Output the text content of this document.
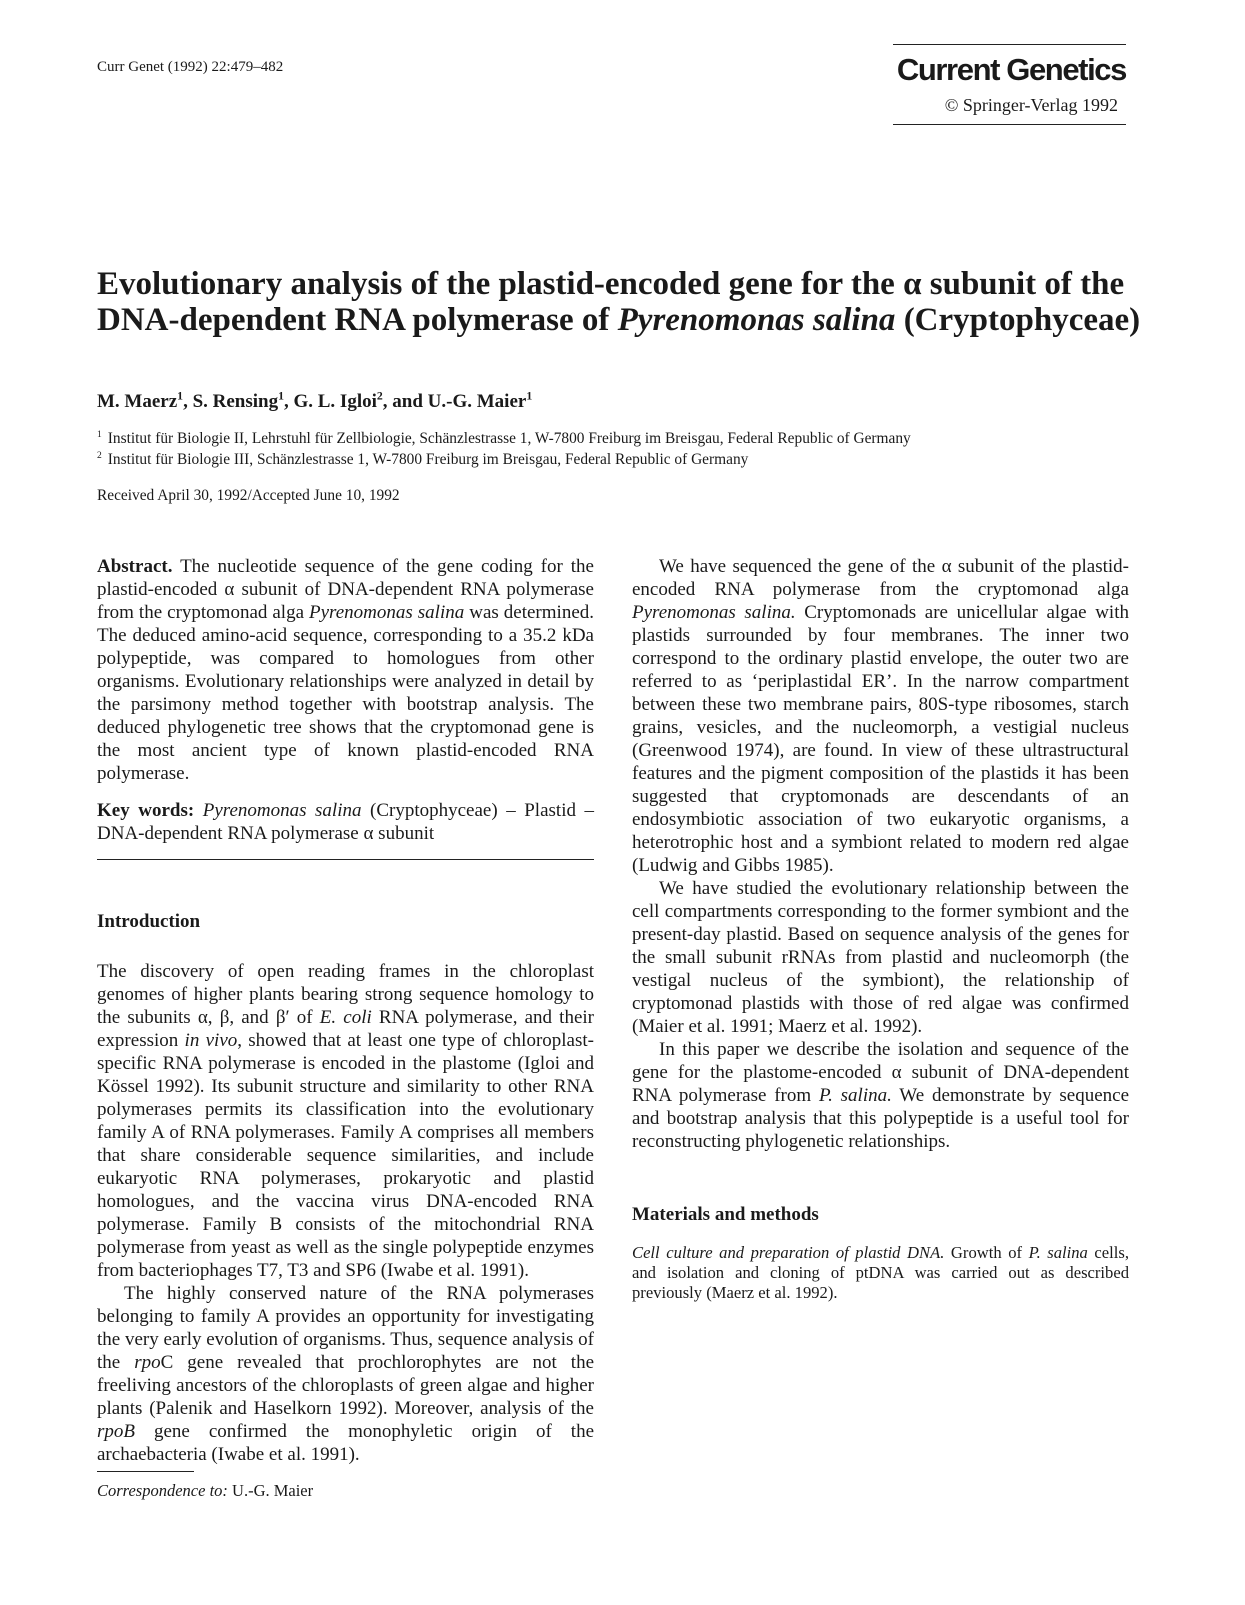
Curr Genet (1992) 22:479–482	Current Genetics
© Springer-Verlag 1992
Evolutionary analysis of the plastid-encoded gene for the α subunit of the DNA-dependent RNA polymerase of Pyrenomonas salina (Cryptophyceae)
M. Maerz$^1$, S. Rensing$^1$, G. L. Igloi$^2$, and U.-G. Maier$^1$
$^1$ Institut für Biologie II, Lehrstuhl für Zellbiologie, Schänzlestrasse 1, W-7800 Freiburg im Breisgau, Federal Republic of Germany
$^2$ Institut für Biologie III, Schänzlestrasse 1, W-7800 Freiburg im Breisgau, Federal Republic of Germany
Received April 30, 1992/Accepted June 10, 1992

Abstract. The nucleotide sequence of the gene coding for the plastid-encoded α subunit of DNA-dependent RNA polymerase from the cryptomonad alga Pyrenomonas salina was determined. The deduced amino-acid sequence, corresponding to a 35.2 kDa polypeptide, was compared to homologues from other organisms. Evolutionary relationships were analyzed in detail by the parsimony method together with bootstrap analysis. The deduced phylogenetic tree shows that the cryptomonad gene is the most ancient type of known plastid-encoded RNA polymerase.

Key words: Pyrenomonas salina (Cryptophyceae) – Plastid – DNA-dependent RNA polymerase α subunit

Introduction

The discovery of open reading frames in the chloroplast genomes of higher plants bearing strong sequence homology to the subunits α, β, and β′ of E. coli RNA polymerase, and their expression in vivo, showed that at least one type of chloroplast-specific RNA polymerase is encoded in the plastome (Igloi and Kössel 1992). Its subunit structure and similarity to other RNA polymerases permits its classification into the evolutionary family A of RNA polymerases. Family A comprises all members that share considerable sequence similarities, and include eukaryotic RNA polymerases, prokaryotic and plastid homologues, and the vaccina virus DNA-encoded RNA polymerase. Family B consists of the mitochondrial RNA polymerase from yeast as well as the single polypeptide enzymes from bacteriophages T7, T3 and SP6 (Iwabe et al. 1991).

The highly conserved nature of the RNA polymerases belonging to family A provides an opportunity for investigating the very early evolution of organisms. Thus, sequence analysis of the rpoC gene revealed that prochlorophytes are not the freeliving ancestors of the chloroplasts of green algae and higher plants (Palenik and Haselkorn 1992). Moreover, analysis of the rpoB gene confirmed the monophyletic origin of the archaebacteria (Iwabe et al. 1991).

We have sequenced the gene of the α subunit of the plastid-encoded RNA polymerase from the cryptomonad alga Pyrenomonas salina. Cryptomonads are unicellular algae with plastids surrounded by four membranes. The inner two correspond to the ordinary plastid envelope, the outer two are referred to as ‘periplastidal ER’. In the narrow compartment between these two membrane pairs, 80S-type ribosomes, starch grains, vesicles, and the nucleomorph, a vestigial nucleus (Greenwood 1974), are found. In view of these ultrastructural features and the pigment composition of the plastids it has been suggested that cryptomonads are descendants of an endosymbiotic association of two eukaryotic organisms, a heterotrophic host and a symbiont related to modern red algae (Ludwig and Gibbs 1985).

We have studied the evolutionary relationship between the cell compartments corresponding to the former symbiont and the present-day plastid. Based on sequence analysis of the genes for the small subunit rRNAs from plastid and nucleomorph (the vestigal nucleus of the symbiont), the relationship of cryptomonad plastids with those of red algae was confirmed (Maier et al. 1991; Maerz et al. 1992).

In this paper we describe the isolation and sequence of the gene for the plastome-encoded α subunit of DNA-dependent RNA polymerase from P. salina. We demonstrate by sequence and bootstrap analysis that this polypeptide is a useful tool for reconstructing phylogenetic relationships.

Materials and methods

Cell culture and preparation of plastid DNA. Growth of P. salina cells, and isolation and cloning of ptDNA was carried out as described previously (Maerz et al. 1992).

Correspondence to: U.-G. Maier
